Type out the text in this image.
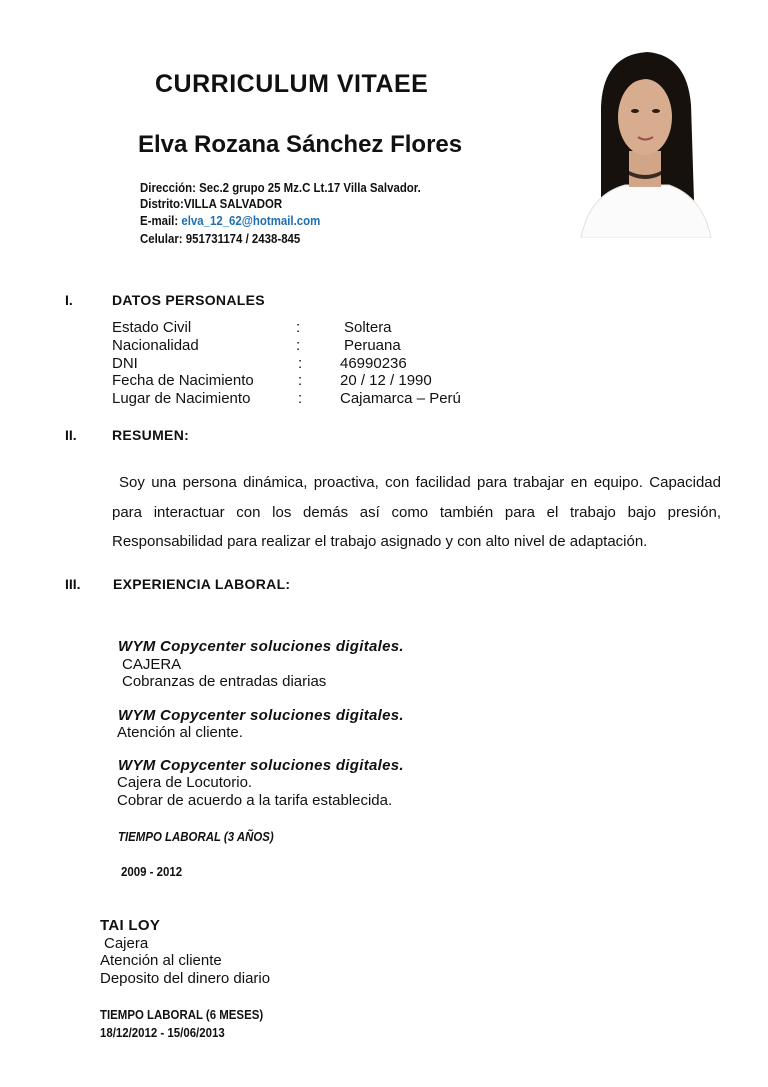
CURRICULUM VITAEE
Elva Rozana Sánchez Flores
Dirección: Sec.2 grupo 25 Mz.C Lt.17 Villa Salvador.
Distrito:VILLA SALVADOR
E-mail: elva_12_62@hotmail.com
Celular: 951731174 / 2438-845
I.	DATOS PERSONALES
Estado Civil	:	Soltera
Nacionalidad	:	Peruana
DNI	:	46990236
Fecha de Nacimiento	:	20 / 12 / 1990
Lugar de Nacimiento	:	Cajamarca – Perú
II.	RESUMEN:

Soy una persona dinámica, proactiva, con facilidad para trabajar en equipo. Capacidad para interactuar con los demás así como también para el trabajo bajo presión, Responsabilidad para realizar el trabajo asignado y con alto nivel de adaptación.

III. EXPERIENCIA LABORAL:
WYM Copycenter soluciones digitales.
CAJERA
Cobranzas de entradas diarias
WYM Copycenter soluciones digitales.
Atención al cliente.
WYM Copycenter soluciones digitales.
Cajera de Locutorio.
Cobrar de acuerdo a la tarifa establecida.
TIEMPO LABORAL (3 AÑOS)
2009 - 2012
TAI LOY
Cajera
Atención al cliente
Deposito del dinero diario
TIEMPO LABORAL (6 MESES)
18/12/2012 - 15/06/2013
